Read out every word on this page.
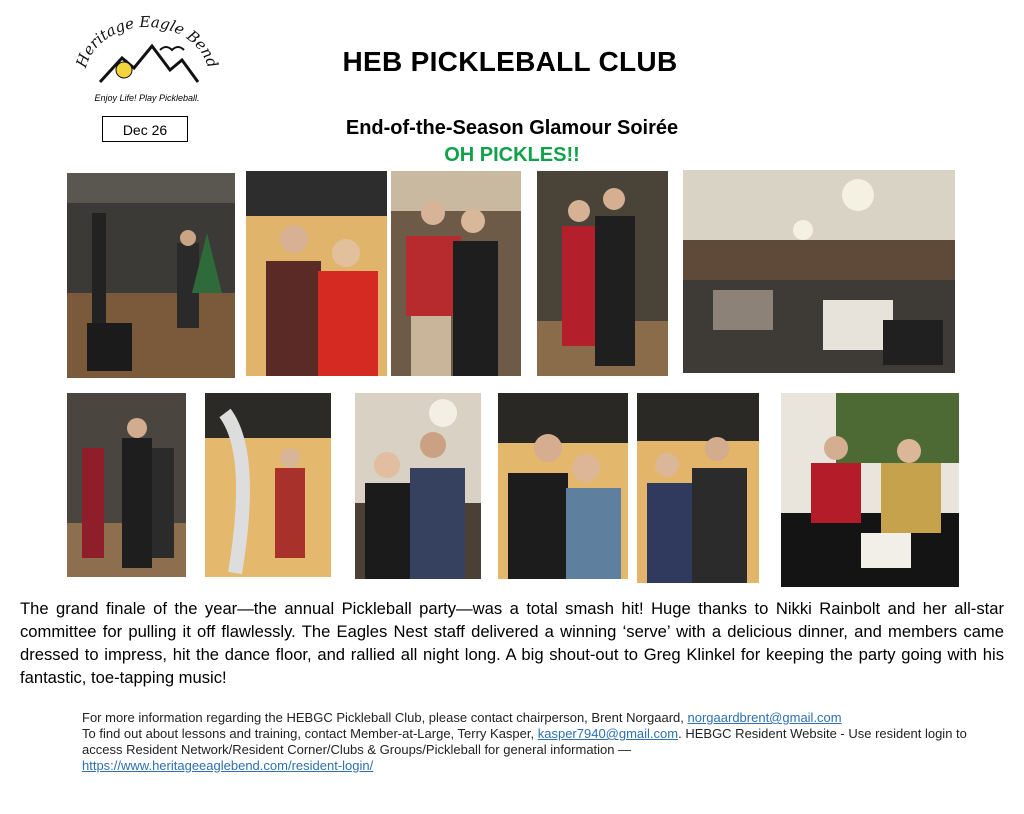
Heritage Eagle Bend
Enjoy Life! Play Pickleball.
HEB PICKLEBALL CLUB
Dec 26	End-of-the-Season Glamour Soirée
OH PICKLES!!
The grand finale of the year—the annual Pickleball party—was a total smash hit! Huge thanks to Nikki Rainbolt and her all-star committee for pulling it off flawlessly. The Eagles Nest staff delivered a winning ‘serve’ with a delicious dinner, and members came dressed to impress, hit the dance floor, and rallied all night long. A big shout-out to Greg Klinkel for keeping the party going with his fantastic, toe-tapping music!
For more information regarding the HEBGC Pickleball Club, please contact chairperson, Brent Norgaard, norgaardbrent@gmail.com
To find out about lessons and training, contact Member-at-Large, Terry Kasper, kasper7940@gmail.com. HEBGC Resident Website - Use resident login to access Resident Network/Resident Corner/Clubs & Groups/Pickleball for general information —
https://www.heritageeaglebend.com/resident-login/
